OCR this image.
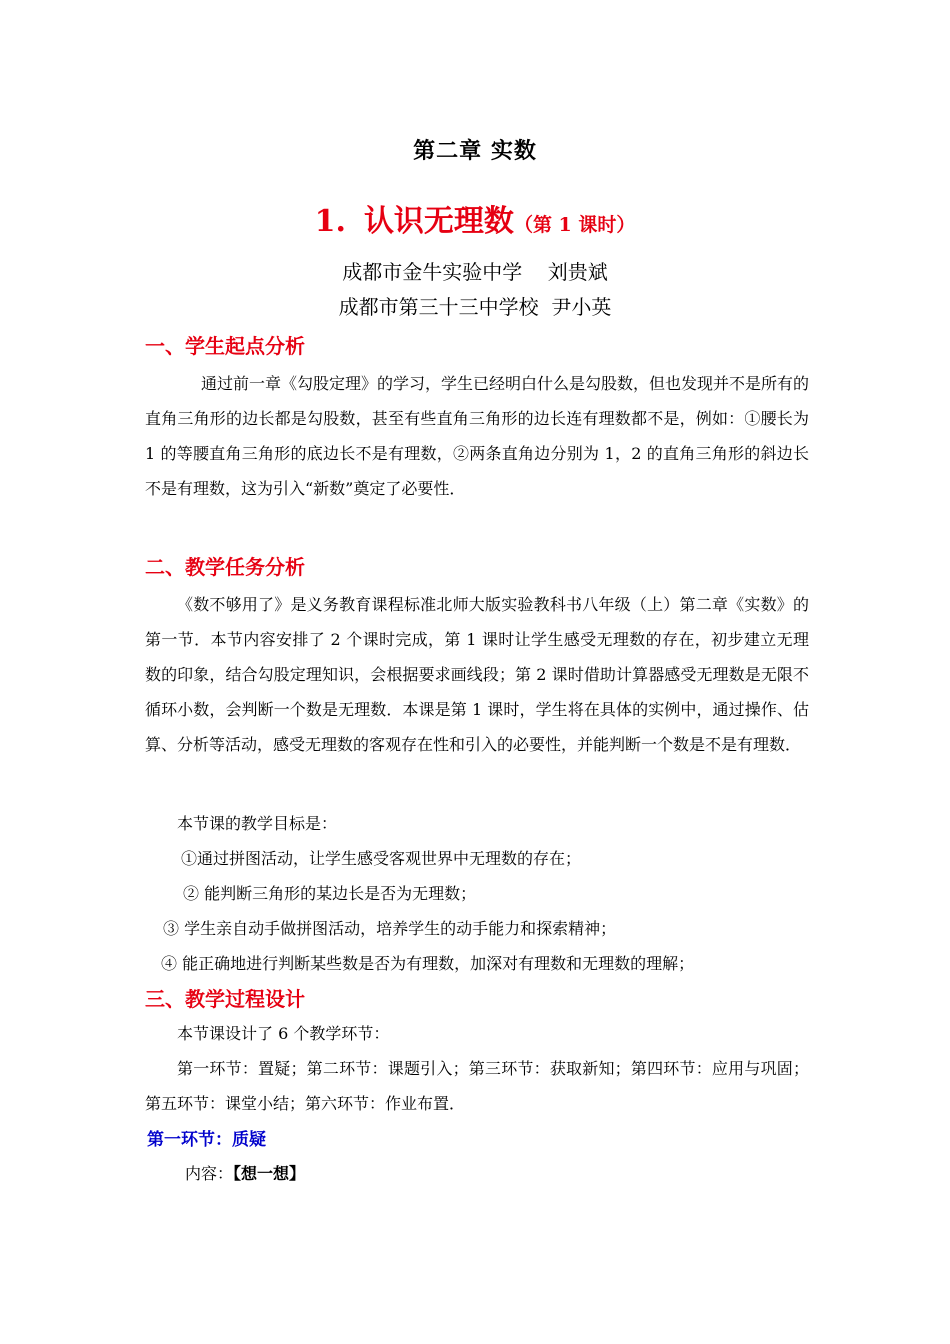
第二章 实数
1. 认识无理数（第 1 课时）
成都市金牛实验中学    刘贵斌
成都市第三十三中学校  尹小英
一、学生起点分析
通过前一章《勾股定理》的学习，学生已经明白什么是勾股数，但也发现并不是所有的直角三角形的边长都是勾股数，甚至有些直角三角形的边长连有理数都不是，例如：①腰长为 1 的等腰直角三角形的底边长不是有理数，②两条直角边分别为 1，2 的直角三角形的斜边长不是有理数，这为引入“新数”奠定了必要性．
二、教学任务分析
《数不够用了》是义务教育课程标准北师大版实验教科书八年级（上）第二章《实数》的第一节．本节内容安排了 2 个课时完成，第 1 课时让学生感受无理数的存在，初步建立无理数的印象，结合勾股定理知识，会根据要求画线段；第 2 课时借助计算器感受无理数是无限不循环小数，会判断一个数是无理数．本课是第 1 课时，学生将在具体的实例中，通过操作、估算、分析等活动，感受无理数的客观存在性和引入的必要性，并能判断一个数是不是有理数．
本节课的教学目标是：
①通过拼图活动，让学生感受客观世界中无理数的存在；
② 能判断三角形的某边长是否为无理数；
③ 学生亲自动手做拼图活动，培养学生的动手能力和探索精神；
④ 能正确地进行判断某些数是否为有理数，加深对有理数和无理数的理解；
三、教学过程设计
本节课设计了 6 个教学环节：
第一环节：置疑；第二环节：课题引入；第三环节：获取新知；第四环节：应用与巩固；第五环节：课堂小结；第六环节：作业布置．
第一环节：质疑
内容：【想一想】
